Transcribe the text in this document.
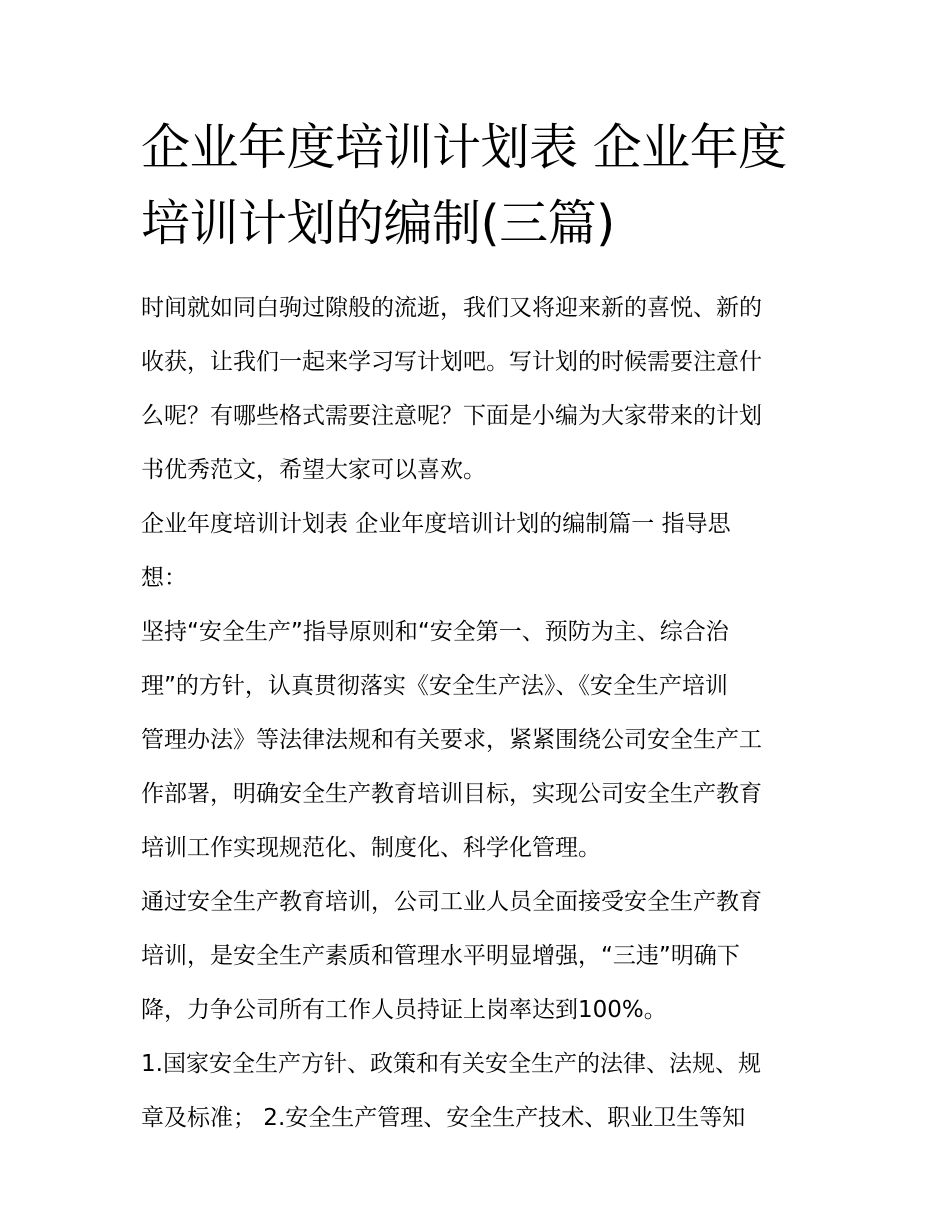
企业年度培训计划表 企业年度
培训计划的编制(三篇)

时间就如同白驹过隙般的流逝，我们又将迎来新的喜悦、新的
收获，让我们一起来学习写计划吧。写计划的时候需要注意什
么呢？有哪些格式需要注意呢？下面是小编为大家带来的计划
书优秀范文，希望大家可以喜欢。

企业年度培训计划表 企业年度培训计划的编制篇一 指导思
想：

坚持“安全生产”指导原则和“安全第一、预防为主、综合治
理”的方针，认真贯彻落实《安全生产法》、《安全生产培训
管理办法》等法律法规和有关要求，紧紧围绕公司安全生产工
作部署，明确安全生产教育培训目标，实现公司安全生产教育
培训工作实现规范化、制度化、科学化管理。

通过安全生产教育培训，公司工业人员全面接受安全生产教育
培训，是安全生产素质和管理水平明显增强，“三违”明确下
降，力争公司所有工作人员持证上岗率达到100%。

1.国家安全生产方针、政策和有关安全生产的法律、法规、规
章及标准； 2.安全生产管理、安全生产技术、职业卫生等知
